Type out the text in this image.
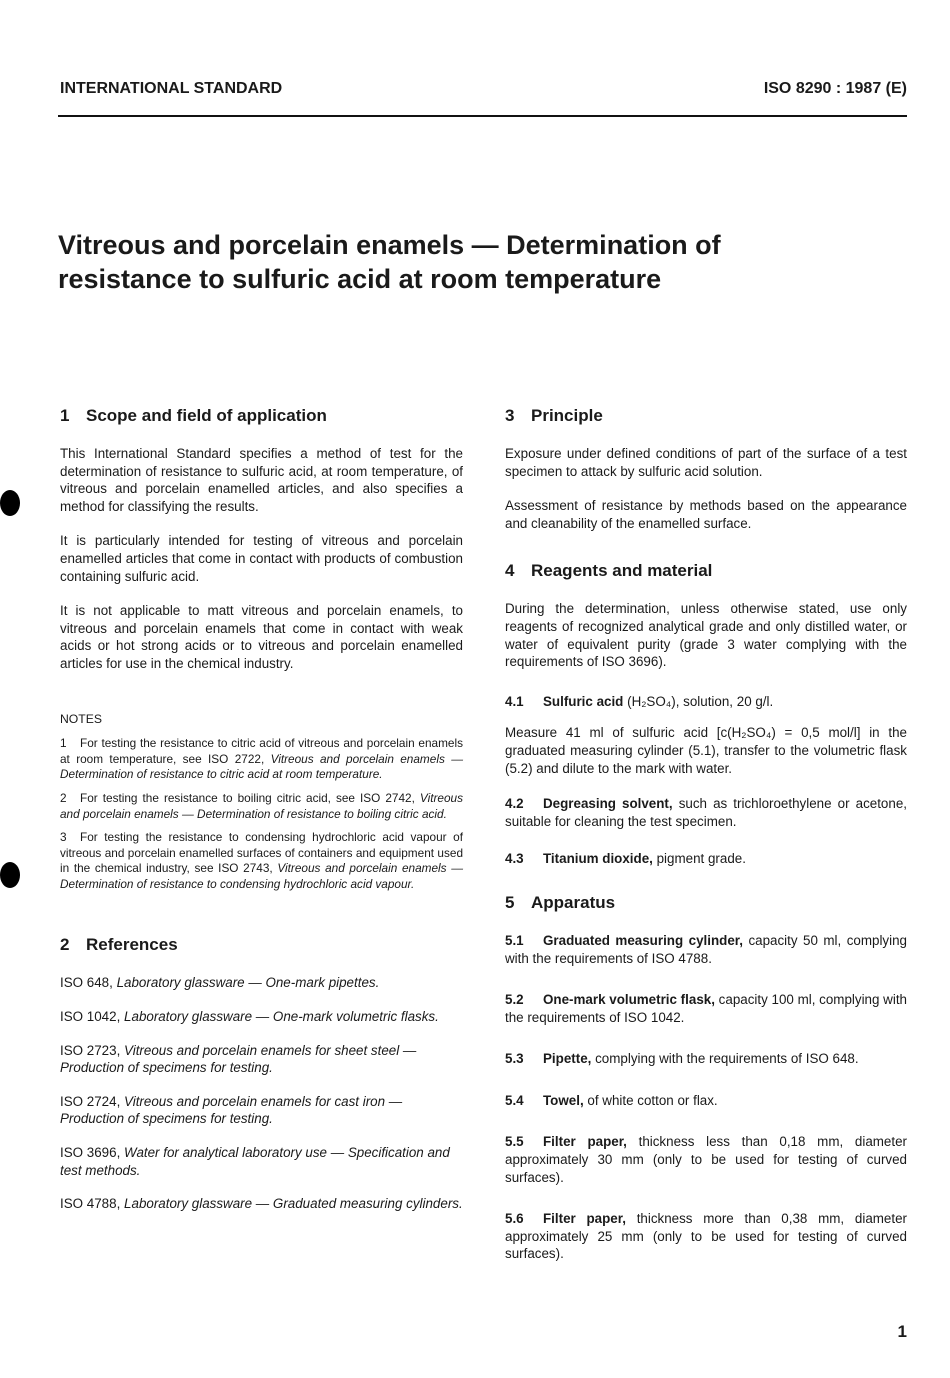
INTERNATIONAL STANDARD	ISO 8290 : 1987 (E)
Vitreous and porcelain enamels — Determination of
resistance to sulfuric acid at room temperature
1 Scope and field of application

This International Standard specifies a method of test for the determination of resistance to sulfuric acid, at room temperature, of vitreous and porcelain enamelled articles, and also specifies a method for classifying the results.

It is particularly intended for testing of vitreous and porcelain enamelled articles that come in contact with products of combustion containing sulfuric acid.

It is not applicable to matt vitreous and porcelain enamels, to vitreous and porcelain enamels that come in contact with weak acids or hot strong acids or to vitreous and porcelain enamelled articles for use in the chemical industry.

NOTES
1 For testing the resistance to citric acid of vitreous and porcelain enamels at room temperature, see ISO 2722, Vitreous and porcelain enamels — Determination of resistance to citric acid at room temperature.
2 For testing the resistance to boiling citric acid, see ISO 2742, Vitreous and porcelain enamels — Determination of resistance to boiling citric acid.
3 For testing the resistance to condensing hydrochloric acid vapour of vitreous and porcelain enamelled surfaces of containers and equipment used in the chemical industry, see ISO 2743, Vitreous and porcelain enamels — Determination of resistance to condensing hydrochloric acid vapour.
2 References
ISO 648, Laboratory glassware — One-mark pipettes.
ISO 1042, Laboratory glassware — One-mark volumetric flasks.
ISO 2723, Vitreous and porcelain enamels for sheet steel — Production of specimens for testing.
ISO 2724, Vitreous and porcelain enamels for cast iron — Production of specimens for testing.
ISO 3696, Water for analytical laboratory use — Specification and test methods.
ISO 4788, Laboratory glassware — Graduated measuring cylinders.
3 Principle

Exposure under defined conditions of part of the surface of a test specimen to attack by sulfuric acid solution.

Assessment of resistance by methods based on the appearance and cleanability of the enamelled surface.

4 Reagents and material

During the determination, unless otherwise stated, use only reagents of recognized analytical grade and only distilled water, or water of equivalent purity (grade 3 water complying with the requirements of ISO 3696).

4.1 Sulfuric acid (H₂SO₄), solution, 20 g/l.

Measure 41 ml of sulfuric acid [c(H₂SO₄) = 0,5 mol/l] in the graduated measuring cylinder (5.1), transfer to the volumetric flask (5.2) and dilute to the mark with water.

4.2 Degreasing solvent, such as trichloroethylene or acetone, suitable for cleaning the test specimen.
4.3 Titanium dioxide, pigment grade.
5 Apparatus
5.1 Graduated measuring cylinder, capacity 50 ml, complying with the requirements of ISO 4788.
5.2 One-mark volumetric flask, capacity 100 ml, complying with the requirements of ISO 1042.
5.3 Pipette, complying with the requirements of ISO 648.
5.4 Towel, of white cotton or flax.
5.5 Filter paper, thickness less than 0,18 mm, diameter approximately 30 mm (only to be used for testing of curved surfaces).
5.6 Filter paper, thickness more than 0,38 mm, diameter approximately 25 mm (only to be used for testing of curved surfaces).
1
